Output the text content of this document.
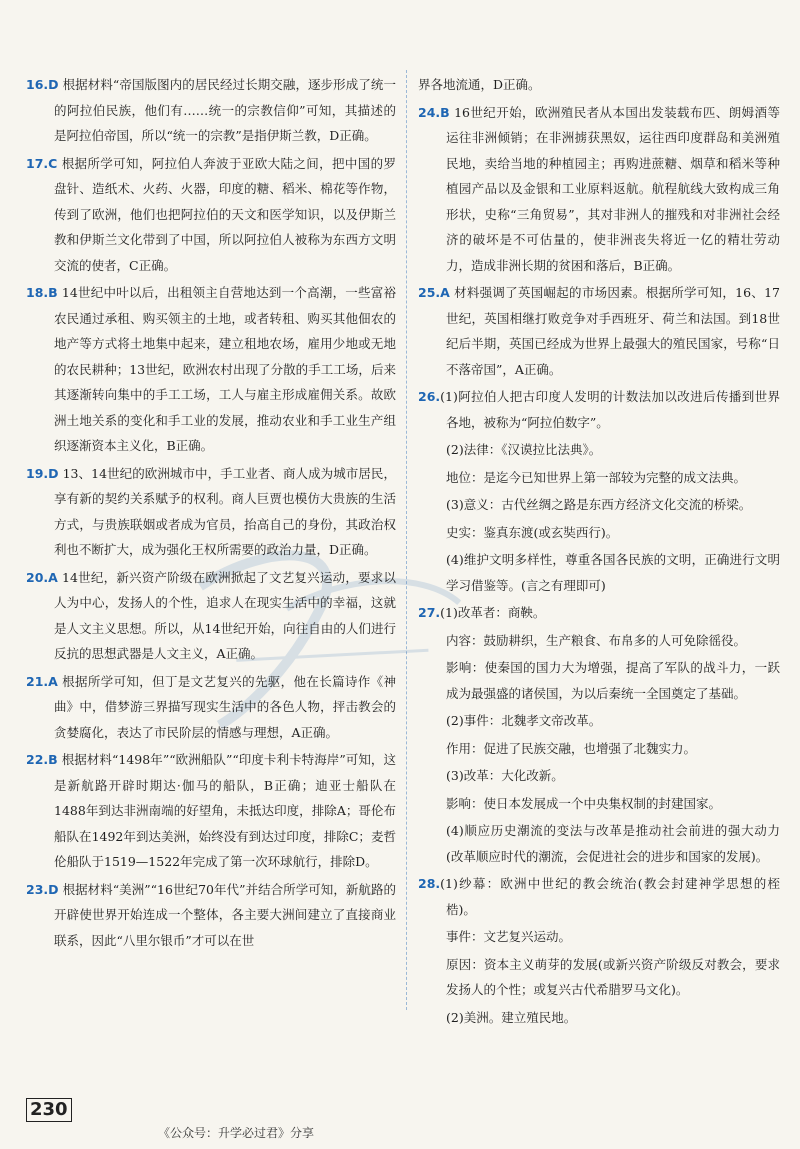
16.D 根据材料“帝国版图内的居民经过长期交融，逐步形成了统一的阿拉伯民族，他们有……统一的宗教信仰”可知，其描述的是阿拉伯帝国，所以“统一的宗教”是指伊斯兰教，D正确。

17.C 根据所学可知，阿拉伯人奔波于亚欧大陆之间，把中国的罗盘针、造纸术、火药、火器，印度的糖、稻米、棉花等作物，传到了欧洲，他们也把阿拉伯的天文和医学知识，以及伊斯兰教和伊斯兰文化带到了中国，所以阿拉伯人被称为东西方文明交流的使者，C正确。

18.B 14世纪中叶以后，出租领主自营地达到一个高潮，一些富裕农民通过承租、购买领主的土地，或者转租、购买其他佃农的地产等方式将土地集中起来，建立租地农场，雇用少地或无地的农民耕种；13世纪，欧洲农村出现了分散的手工工场，后来其逐渐转向集中的手工工场，工人与雇主形成雇佣关系。故欧洲土地关系的变化和手工业的发展，推动农业和手工业生产组织逐渐资本主义化，B正确。

19.D 13、14世纪的欧洲城市中，手工业者、商人成为城市居民，享有新的契约关系赋予的权利。商人巨贾也模仿大贵族的生活方式，与贵族联姻或者成为官员，抬高自己的身份，其政治权利也不断扩大，成为强化王权所需要的政治力量，D正确。

20.A 14世纪，新兴资产阶级在欧洲掀起了文艺复兴运动，要求以人为中心，发扬人的个性，追求人在现实生活中的幸福，这就是人文主义思想。所以，从14世纪开始，向往自由的人们进行反抗的思想武器是人文主义，A正确。

21.A 根据所学可知，但丁是文艺复兴的先驱，他在长篇诗作《神曲》中，借梦游三界描写现实生活中的各色人物，抨击教会的贪婪腐化，表达了市民阶层的情感与理想，A正确。

22.B 根据材料“1498年”“欧洲船队”“印度卡利卡特海岸”可知，这是新航路开辟时期达·伽马的船队，B正确；迪亚士船队在1488年到达非洲南端的好望角，未抵达印度，排除A；哥伦布船队在1492年到达美洲，始终没有到达过印度，排除C；麦哲伦船队于1519—1522年完成了第一次环球航行，排除D。

23.D 根据材料“美洲”“16世纪70年代”并结合所学可知，新航路的开辟使世界开始连成一个整体，各主要大洲间建立了直接商业联系，因此“八里尔银币”才可以在世

界各地流通，D正确。

24.B 16世纪开始，欧洲殖民者从本国出发装载布匹、朗姆酒等运往非洲倾销；在非洲掳获黑奴，运往西印度群岛和美洲殖民地，卖给当地的种植园主；再购进蔗糖、烟草和稻米等种植园产品以及金银和工业原料返航。航程航线大致构成三角形状，史称“三角贸易”，其对非洲人的摧残和对非洲社会经济的破坏是不可估量的，使非洲丧失将近一亿的精壮劳动力，造成非洲长期的贫困和落后，B正确。

25.A 材料强调了英国崛起的市场因素。根据所学可知，16、17世纪，英国相继打败竞争对手西班牙、荷兰和法国。到18世纪后半期，英国已经成为世界上最强大的殖民国家，号称“日不落帝国”，A正确。

26.(1)阿拉伯人把古印度人发明的计数法加以改进后传播到世界各地，被称为“阿拉伯数字”。

(2)法律：《汉谟拉比法典》。

地位：是迄今已知世界上第一部较为完整的成文法典。

(3)意义：古代丝绸之路是东西方经济文化交流的桥梁。

史实：鉴真东渡(或玄奘西行)。

(4)维护文明多样性，尊重各国各民族的文明，正确进行文明学习借鉴等。(言之有理即可)

27.(1)改革者：商鞅。

内容：鼓励耕织，生产粮食、布帛多的人可免除徭役。

影响：使秦国的国力大为增强，提高了军队的战斗力，一跃成为最强盛的诸侯国，为以后秦统一全国奠定了基础。

(2)事件：北魏孝文帝改革。

作用：促进了民族交融，也增强了北魏实力。

(3)改革：大化改新。

影响：使日本发展成一个中央集权制的封建国家。

(4)顺应历史潮流的变法与改革是推动社会前进的强大动力(改革顺应时代的潮流，会促进社会的进步和国家的发展)。

28.(1)纱幕：欧洲中世纪的教会统治(教会封建神学思想的桎梏)。

事件：文艺复兴运动。

原因：资本主义萌芽的发展(或新兴资产阶级反对教会，要求发扬人的个性；或复兴古代希腊罗马文化)。

(2)美洲。建立殖民地。

230
《公众号：升学必过君》分享
